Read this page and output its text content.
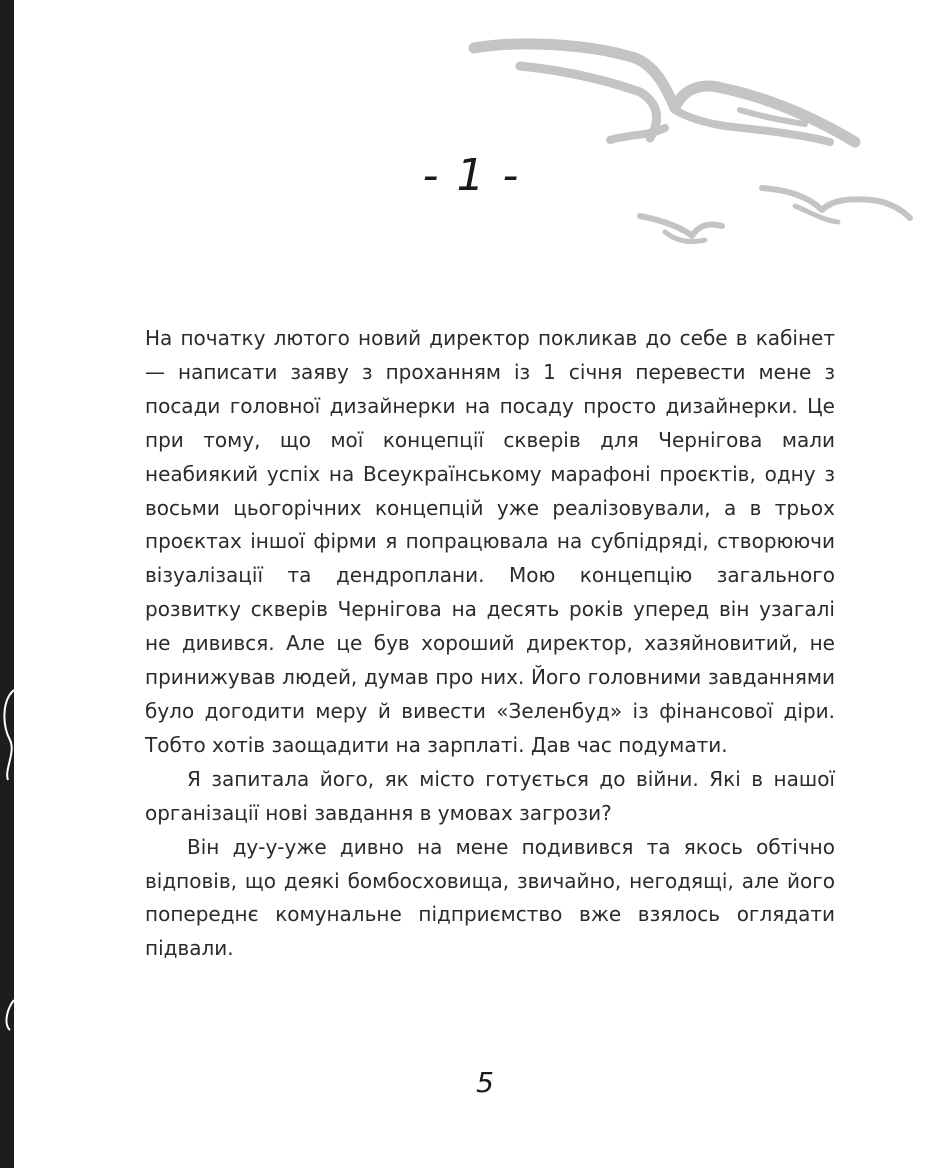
- 1 -

На початку лютого новий директор покликав до себе в кабінет — написати заяву з проханням із 1 січня перевести мене з посади головної дизайнерки на посаду просто дизайнерки. Це при тому, що мої концепції скверів для Чернігова мали неабиякий успіх на Всеукраїнському марафоні проєктів, одну з восьми цьогорічних концепцій уже реалізовували, а в трьох проєктах іншої фірми я попрацювала на субпідряді, створюючи візуалізації та дендроплани. Мою концепцію загального розвитку скверів Чернігова на десять років уперед він узагалі не дивився. Але це був хороший директор, хазяйновитий, не принижував людей, думав про них. Його головними завданнями було догодити меру й вивести «Зеленбуд» із фінансової діри. Тобто хотів заощадити на зарплаті. Дав час подумати.

Я запитала його, як місто готується до війни. Які в нашої організації нові завдання в умовах загрози?

Він ду-у-уже дивно на мене подивився та якось обтічно відповів, що деякі бомбосховища, звичайно, негодящі, але його попереднє комунальне підприємство вже взялось оглядати підвали.

5
